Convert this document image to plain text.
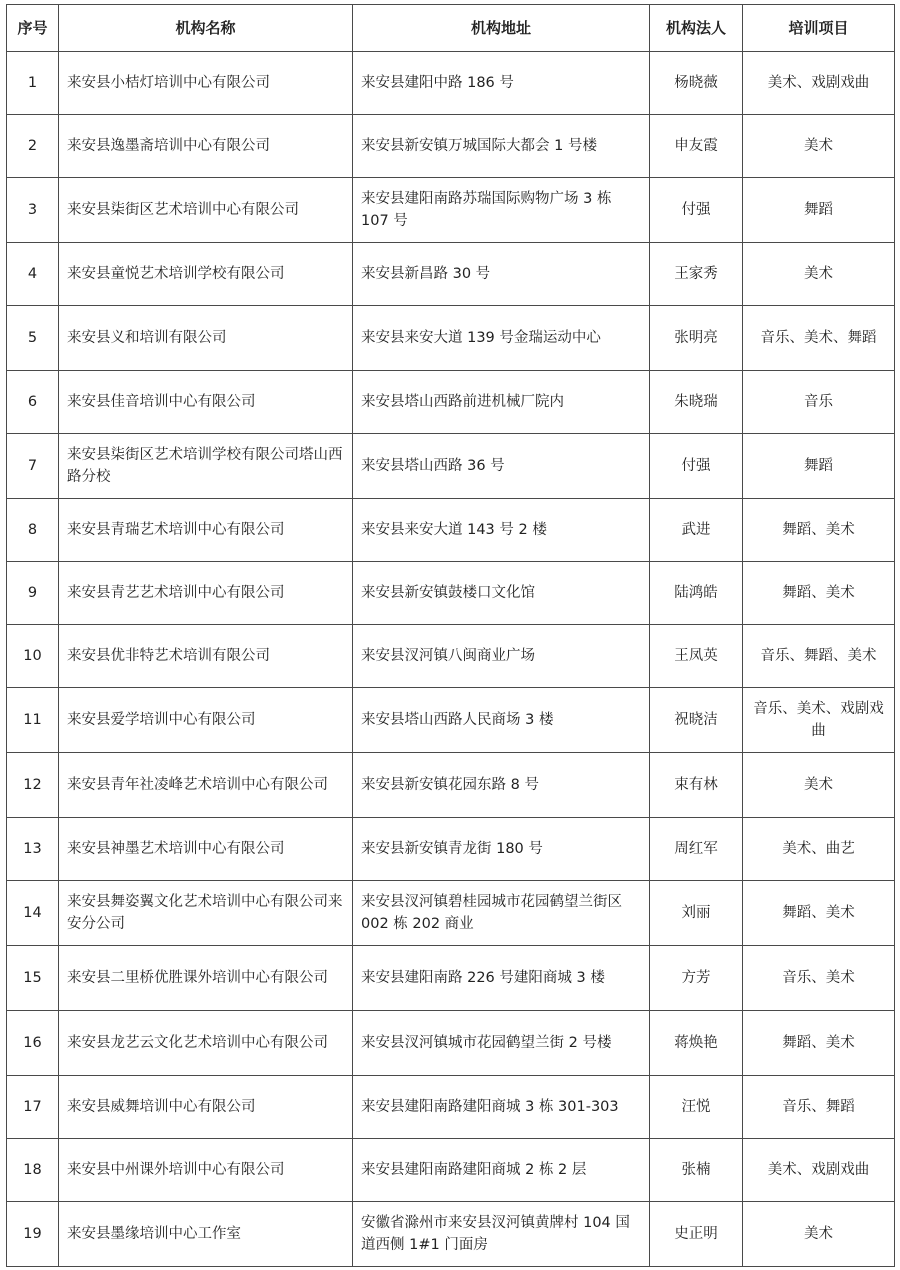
序号	机构名称	机构地址	机构法人	培训项目
1	来安县小桔灯培训中心有限公司	来安县建阳中路 186 号	杨晓薇	美术、戏剧戏曲
2	来安县逸墨斋培训中心有限公司	来安县新安镇万城国际大都会 1 号楼	申友霞	美术
3	来安县柒街区艺术培训中心有限公司	来安县建阳南路苏瑞国际购物广场 3 栋 107 号	付强	舞蹈
4	来安县童悦艺术培训学校有限公司	来安县新昌路 30 号	王家秀	美术
5	来安县义和培训有限公司	来安县来安大道 139 号金瑞运动中心	张明亮	音乐、美术、舞蹈
6	来安县佳音培训中心有限公司	来安县塔山西路前进机械厂院内	朱晓瑞	音乐
7	来安县柒街区艺术培训学校有限公司塔山西路分校	来安县塔山西路 36 号	付强	舞蹈
8	来安县青瑞艺术培训中心有限公司	来安县来安大道 143 号 2 楼	武进	舞蹈、美术
9	来安县青艺艺术培训中心有限公司	来安县新安镇鼓楼口文化馆	陆鸿皓	舞蹈、美术
10	来安县优非特艺术培训有限公司	来安县汊河镇八闽商业广场	王凤英	音乐、舞蹈、美术
11	来安县爱学培训中心有限公司	来安县塔山西路人民商场 3 楼	祝晓洁	音乐、美术、戏剧戏曲
12	来安县青年社凌峰艺术培训中心有限公司	来安县新安镇花园东路 8 号	束有林	美术
13	来安县神墨艺术培训中心有限公司	来安县新安镇青龙街 180 号	周红军	美术、曲艺
14	来安县舞姿翼文化艺术培训中心有限公司来安分公司	来安县汊河镇碧桂园城市花园鹤望兰街区 002 栋 202 商业	刘丽	舞蹈、美术
15	来安县二里桥优胜课外培训中心有限公司	来安县建阳南路 226 号建阳商城 3 楼	方芳	音乐、美术
16	来安县龙艺云文化艺术培训中心有限公司	来安县汊河镇城市花园鹤望兰街 2 号楼	蒋焕艳	舞蹈、美术
17	来安县威舞培训中心有限公司	来安县建阳南路建阳商城 3 栋 301-303	汪悦	音乐、舞蹈
18	来安县中州课外培训中心有限公司	来安县建阳南路建阳商城 2 栋 2 层	张楠	美术、戏剧戏曲
19	来安县墨缘培训中心工作室	安徽省滁州市来安县汊河镇黄牌村 104 国道西侧 1#1 门面房	史正明	美术
